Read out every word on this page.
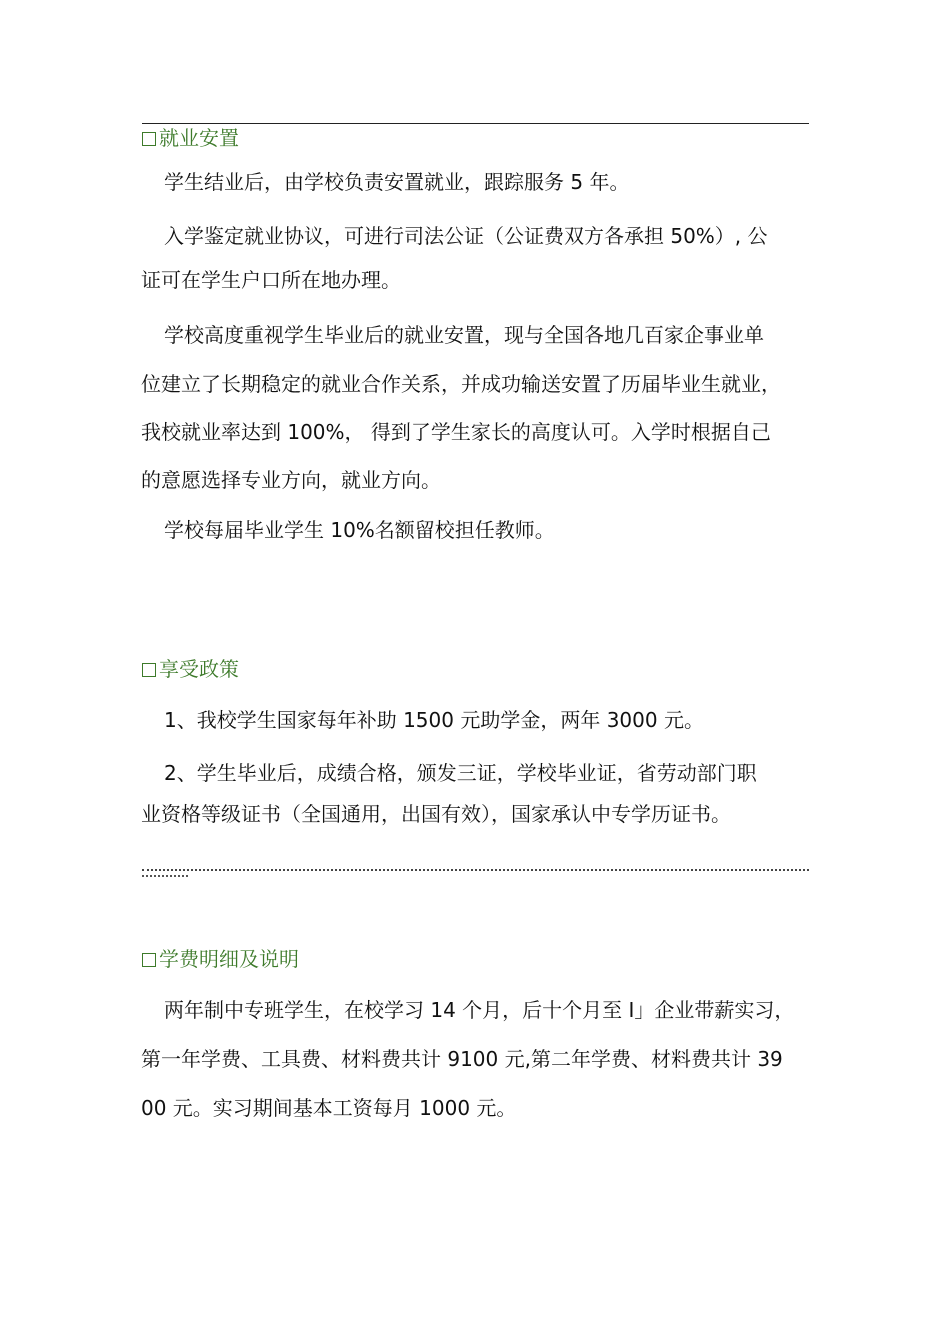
就业安置
学生结业后，由学校负责安置就业，跟踪服务 5 年。
入学鉴定就业协议，可进行司法公证（公证费双方各承担 50%）, 公
证可在学生户口所在地办理。
学校高度重视学生毕业后的就业安置，现与全国各地几百家企事业单
位建立了长期稳定的就业合作关系，并成功输送安置了历届毕业生就业，
我校就业率达到 100%， 得到了学生家长的高度认可。入学时根据自己
的意愿选择专业方向，就业方向。
学校每届毕业学生 10%名额留校担任教师。
享受政策
1、我校学生国家每年补助 1500 元助学金，两年 3000 元。
2、学生毕业后，成绩合格，颁发三证，学校毕业证，省劳动部门职
业资格等级证书（全国通用，出国有效），国家承认中专学历证书。
学费明细及说明
两年制中专班学生，在校学习 14 个月，后十个月至 I」企业带薪实习，
第一年学费、工具费、材料费共计 9100 元,第二年学费、材料费共计 39
00 元。实习期间基本工资每月 1000 元。
